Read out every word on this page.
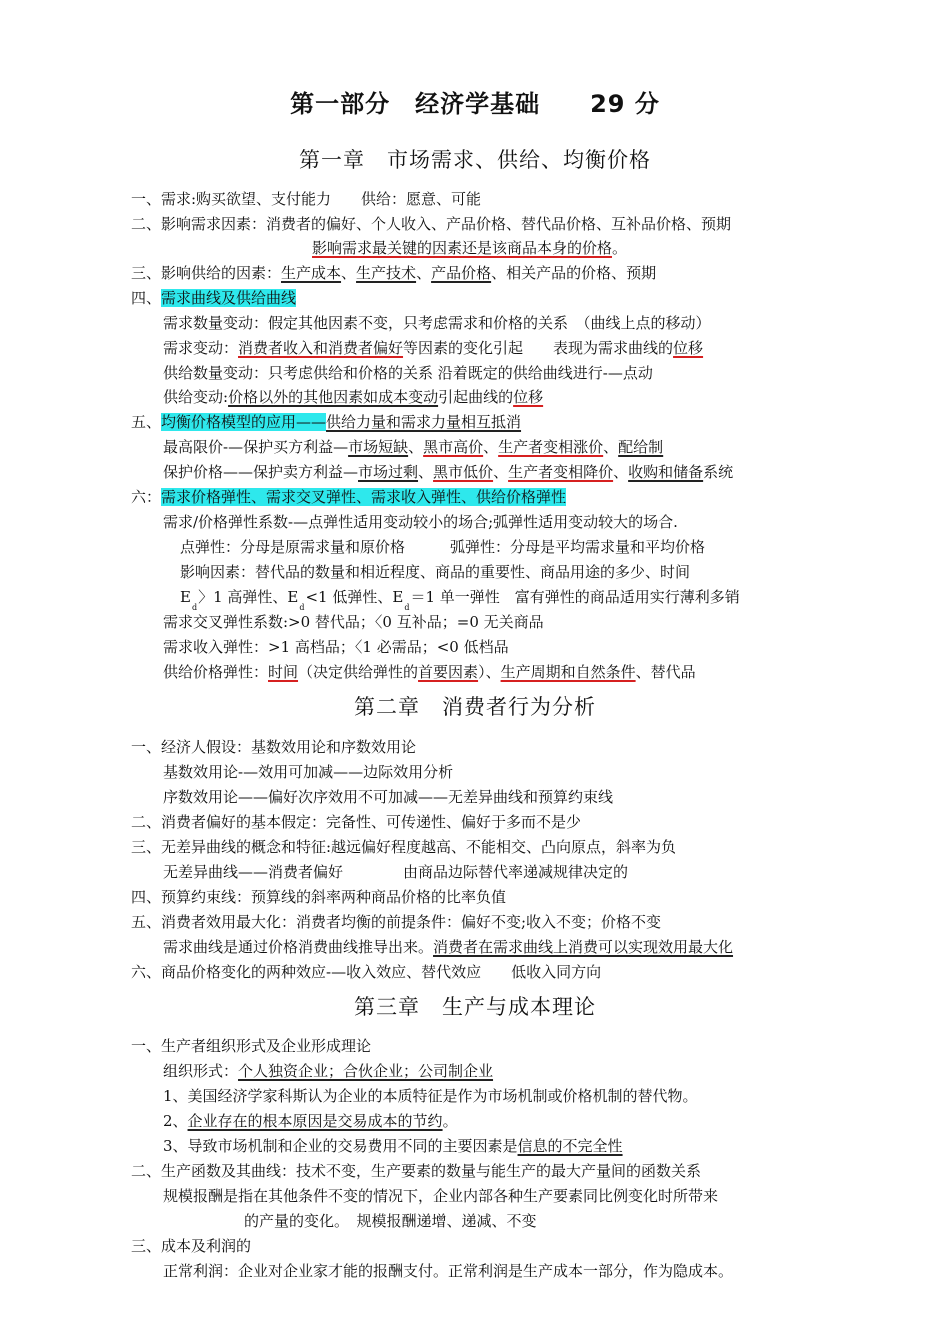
第一部分　经济学基础　　29 分
第一章　市场需求、供给、均衡价格
一、需求:购买欲望、支付能力　　供给：愿意、可能
二、影响需求因素：消费者的偏好、个人收入、产品价格、替代品价格、互补品价格、预期
影响需求最关键的因素还是该商品本身的价格。
三、影响供给的因素：生产成本、生产技术、产品价格、相关产品的价格、预期
四、需求曲线及供给曲线
需求数量变动：假定其他因素不变，只考虑需求和价格的关系　（曲线上点的移动）
需求变动：消费者收入和消费者偏好等因素的变化引起　　表现为需求曲线的位移
供给数量变动：只考虑供给和价格的关系 沿着既定的供给曲线进行-—点动
供给变动:价格以外的其他因素如成本变动引起曲线的位移
五、均衡价格模型的应用——供给力量和需求力量相互抵消
最高限价-—保护买方利益—市场短缺、黑市高价、生产者变相涨价、配给制
保护价格——保护卖方利益—市场过剩、黑市低价、生产者变相降价、收购和储备系统
六：需求价格弹性、需求交叉弹性、需求收入弹性、供给价格弹性
需求/价格弹性系数-—点弹性适用变动较小的场合;弧弹性适用变动较大的场合.
点弹性：分母是原需求量和原价格　　　弧弹性：分母是平均需求量和平均价格
影响因素：替代品的数量和相近程度、商品的重要性、商品用途的多少、时间
$E_d$〉1 高弹性、$E_d<1$ 低弹性、$E_d=1$ 单一弹性　富有弹性的商品适用实行薄利多销
需求交叉弹性系数:>0 替代品；〈0 互补品；=0 无关商品
需求收入弹性：>1 高档品；〈1 必需品；<0 低档品
供给价格弹性：时间（决定供给弹性的首要因素）、生产周期和自然条件、替代品
第二章　消费者行为分析
一、经济人假设：基数效用论和序数效用论
基数效用论-—效用可加减——边际效用分析
序数效用论——偏好次序效用不可加减——无差异曲线和预算约束线
二、消费者偏好的基本假定：完备性、可传递性、偏好于多而不是少
三、无差异曲线的概念和特征:越远偏好程度越高、不能相交、凸向原点，斜率为负
无差异曲线——消费者偏好　　　　由商品边际替代率递减规律决定的
四、预算约束线：预算线的斜率两种商品价格的比率负值
五、消费者效用最大化：消费者均衡的前提条件：偏好不变;收入不变；价格不变
需求曲线是通过价格消费曲线推导出来。消费者在需求曲线上消费可以实现效用最大化
六、商品价格变化的两种效应-—收入效应、替代效应　　低收入同方向
第三章　生产与成本理论
一、生产者组织形式及企业形成理论
组织形式：个人独资企业；合伙企业；公司制企业
1、美国经济学家科斯认为企业的本质特征是作为市场机制或价格机制的替代物。
2、企业存在的根本原因是交易成本的节约。
3、导致市场机制和企业的交易费用不同的主要因素是信息的不完全性
二、生产函数及其曲线：技术不变，生产要素的数量与能生产的最大产量间的函数关系
规模报酬是指在其他条件不变的情况下，企业内部各种生产要素同比例变化时所带来
的产量的变化。　规模报酬递增、递减、不变
三、成本及利润的
正常利润：企业对企业家才能的报酬支付。正常利润是生产成本一部分，作为隐成本。
